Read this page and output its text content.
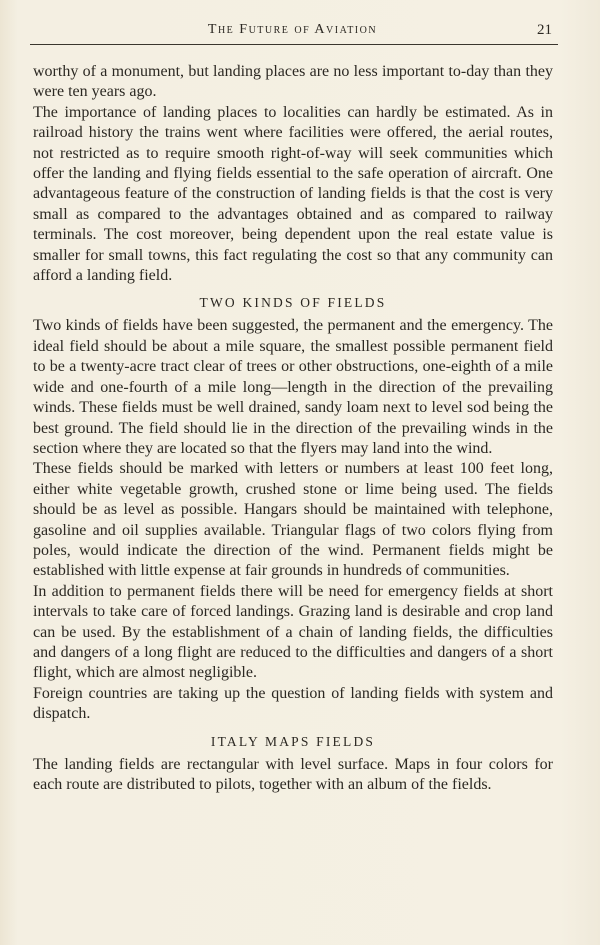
The Future of Aviation	21

worthy of a monument, but landing places are no less important to-day than they were ten years ago.

The importance of landing places to localities can hardly be estimated. As in railroad history the trains went where facilities were offered, the aerial routes, not restricted as to require smooth right-of-way will seek communities which offer the landing and flying fields essential to the safe operation of aircraft. One advantageous feature of the construction of landing fields is that the cost is very small as compared to the advantages obtained and as compared to railway terminals. The cost moreover, being dependent upon the real estate value is smaller for small towns, this fact regulating the cost so that any community can afford a landing field.

TWO KINDS OF FIELDS

Two kinds of fields have been suggested, the permanent and the emergency. The ideal field should be about a mile square, the smallest possible permanent field to be a twenty-acre tract clear of trees or other obstructions, one-eighth of a mile wide and one-fourth of a mile long—length in the direction of the prevailing winds. These fields must be well drained, sandy loam next to level sod being the best ground. The field should lie in the direction of the prevailing winds in the section where they are located so that the flyers may land into the wind.

These fields should be marked with letters or numbers at least 100 feet long, either white vegetable growth, crushed stone or lime being used. The fields should be as level as possible. Hangars should be maintained with telephone, gasoline and oil supplies available. Triangular flags of two colors flying from poles, would indicate the direction of the wind. Permanent fields might be established with little expense at fair grounds in hundreds of communities.

In addition to permanent fields there will be need for emergency fields at short intervals to take care of forced landings. Grazing land is desirable and crop land can be used. By the establishment of a chain of landing fields, the difficulties and dangers of a long flight are reduced to the difficulties and dangers of a short flight, which are almost negligible.

Foreign countries are taking up the question of landing fields with system and dispatch.

ITALY MAPS FIELDS

The landing fields are rectangular with level surface. Maps in four colors for each route are distributed to pilots, together with an album of the fields.
